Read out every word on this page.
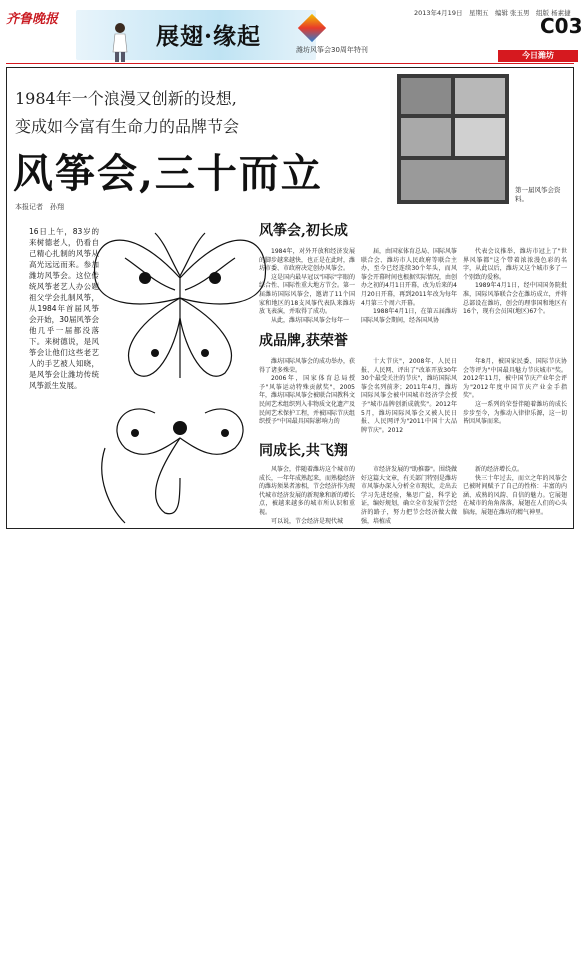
齐鲁晚报
展翅·缘起	潍坊风筝会30周年特刊
2013年4月19日　星期五　编辑 张玉男　组版 杨素捷
C03
今日潍坊
1984年一个浪漫又创新的设想,
变成如今富有生命力的品牌节会
风筝会,三十而立
本报记者　孙翔
第一届风筝会资料。
16日上午，83岁的来树德老人，仍看自己精心扎制的风筝从高光远远而来。参加潍坊风筝会。这位传统风筝老艺人办公题祖父学会扎制风筝，从1984年首届风筝会开始，30届风筝会他几乎一届都没落下。来树德说，是风筝会让他们这些老艺人的手艺被人知晓，是风筝会让潍坊传统风筝派生发展。
风筝会,初长成

1984年，对外开放和经济发展的脚步越来越快，也正是在此时，潍坊市委、市政府决定创办风筝会。

这是国内最早冠以"国际"字眼的综合性、国际性重大地方节会。第一届潍坊国际风筝会，邀请了11个国家和地区的18支风筝代表队来潍坊放飞表演，并取得了成功。

从此，潍坊国际风筝会每年一

届，由国家体育总局、国际风筝联合会、潍坊市人民政府等联合主办，至今已经连续30个年头，而风筝会开幕时间也根据实际情况，由创办之初的4月1日开幕，改为后来的4月20日开幕，再到2011年改为每年4月第三个周六开幕。

1988年4月1日，在第五届潍坊国际风筝会期间，经各国风协

代表会议推举，潍坊市冠上了"世界风筝都"这个带着浓浓漫色彩的名字，从此以后，潍坊又这个城市多了一个别致的爱称。

1989年4月1日，经中国国务院批准，国际风筝联合会在潍坊成立，并将总部设在潍坊，创会的理事国和地区有16个，现有会员国(地区)67个。

成品牌,获荣誉

潍坊国际风筝会的成功举办，获得了诸多殊荣。

2006年，国家体育总局授予"风筝运动特殊贡献奖"，2005年，潍坊国际风筝会被联合国教科文民间艺术组织列入非物质文化遗产及民间艺术保护工程，并被国际节庆组织授予"中国最具国际影响力的

十大节庆"，2008年，人民日报、人民网、评出了"改革开放30年30个最受关注的节庆"，潍坊国际风筝会名列前茅；2011年4月，潍坊国际风筝会被中国城市经济学会授予"城市品牌创新成就奖"。2012年5月，潍坊国际风筝会又被人民日报、人民网评为"2011中国十大品牌节庆"。2012

年8月，被国家民委、国际节庆协会等评为"中国最具魅力节庆城市"奖。2012年11月，被中国节庆产业年会评为"2012年度中国节庆产业金手指奖"。

这一系列的荣誉伴随着潍坊的成长步步至今，为推动入律律乐源，这一切皆因风筝而来。

同成长,共飞翔

风筝会，伴随着潍坊这个城市的成长，一年年成熟起来，而熟稳经济的潍坊须果者渗相，节会经济作为现代城市经济发展的新现象和新的增长点，被越来越多的城市所认识和重视。

可以说，节会经济是现代城

市经济发展的"助推器"。围绕做好这篇大文章，有关部门特别是潍坊市风筝办深入分析全市现状，走出去学习先进经验，集思广益，科学论证，编好规划，确立全市发展节会经济的路子，努力把节会经济做大做强，培植成

新的经济增长点。

快三十年过去，而立之年的风筝会已被时间赋予了自己的性格：丰富的内涵、成熟的风韵、自信的魅力。它展翅在城市的角角落落，展翅在人们的心头脑海，展翅在潍坊的精气神里。
